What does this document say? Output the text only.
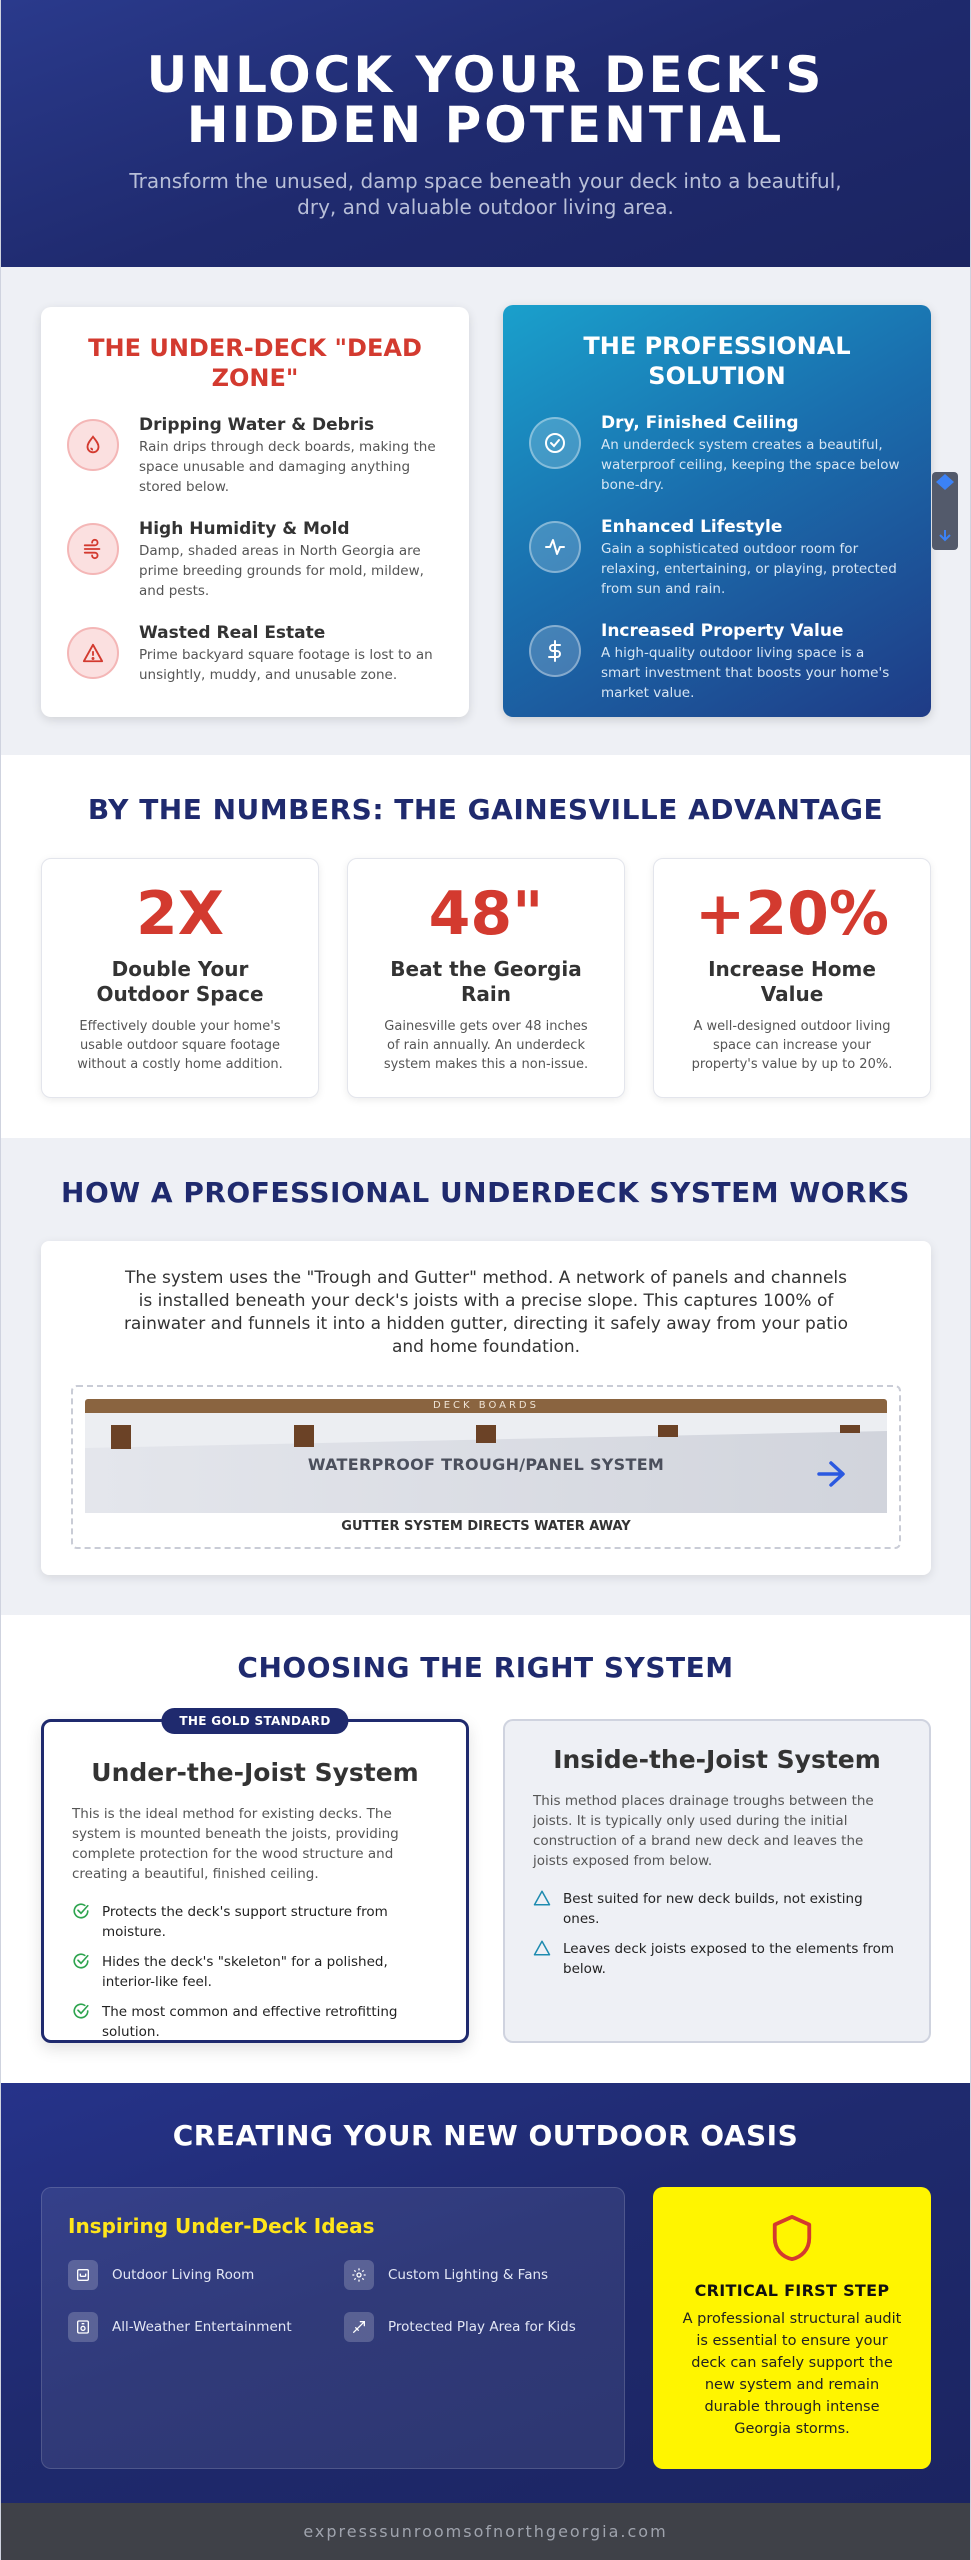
UNLOCK YOUR DECK'S
HIDDEN POTENTIAL

Transform the unused, damp space beneath your deck into a beautiful, dry, and valuable outdoor living area.

THE UNDER-DECK "DEAD ZONE"
Dripping Water & Debris

Rain drips through deck boards, making the space unusable and damaging anything stored below.

High Humidity & Mold

Damp, shaded areas in North Georgia are prime breeding grounds for mold, mildew, and pests.

Wasted Real Estate

Prime backyard square footage is lost to an unsightly, muddy, and unusable zone.

THE PROFESSIONAL SOLUTION
Dry, Finished Ceiling

An underdeck system creates a beautiful, waterproof ceiling, keeping the space below bone-dry.

Enhanced Lifestyle

Gain a sophisticated outdoor room for relaxing, entertaining, or playing, protected from sun and rain.

Increased Property Value

A high-quality outdoor living space is a smart investment that boosts your home's market value.

BY THE NUMBERS: THE GAINESVILLE ADVANTAGE
2X
Double Your Outdoor Space
Effectively double your home's usable outdoor square footage without a costly home addition.
48"
Beat the Georgia Rain
Gainesville gets over 48 inches of rain annually. An underdeck system makes this a non-issue.
+20%
Increase Home Value
A well-designed outdoor living space can increase your property's value by up to 20%.
HOW A PROFESSIONAL UNDERDECK SYSTEM WORKS
The system uses the "Trough and Gutter" method. A network of panels and channels is installed beneath your deck's joists with a precise slope. This captures 100% of rainwater and funnels it into a hidden gutter, directing it safely away from your patio and home foundation.
DECK BOARDS
WATERPROOF TROUGH/PANEL SYSTEM
GUTTER SYSTEM DIRECTS WATER AWAY
CHOOSING THE RIGHT SYSTEM
THE GOLD STANDARD
Under-the-Joist System
This is the ideal method for existing decks. The system is mounted beneath the joists, providing complete protection for the wood structure and creating a beautiful, finished ceiling.
Protects the deck's support structure from moisture.
Hides the deck's "skeleton" for a polished, interior-like feel.
The most common and effective retrofitting solution.
Inside-the-Joist System
This method places drainage troughs between the joists. It is typically only used during the initial construction of a brand new deck and leaves the joists exposed from below.
Best suited for new deck builds, not existing ones.
Leaves deck joists exposed to the elements from below.
CREATING YOUR NEW OUTDOOR OASIS
Inspiring Under-Deck Ideas
Outdoor Living Room	Custom Lighting & Fans
All-Weather Entertainment	Protected Play Area for Kids
CRITICAL FIRST STEP
A professional structural audit is essential to ensure your deck can safely support the new system and remain durable through intense Georgia storms.
expresssunroomsofnorthgeorgia.com
